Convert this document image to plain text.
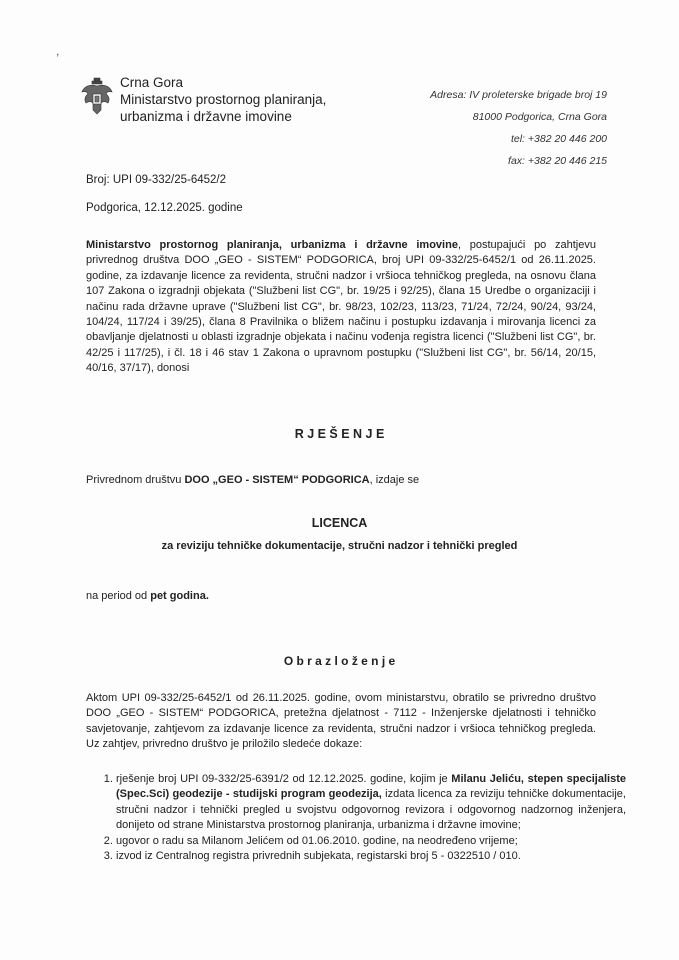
,
Crna Gora
Ministarstvo prostornog planiranja,
urbanizma i državne imovine
Adresa: IV proleterske brigade broj 19
81000 Podgorica, Crna Gora
tel: +382 20 446 200
fax: +382 20 446 215
Broj: UPI 09-332/25-6452/2
Podgorica, 12.12.2025. godine
Ministarstvo prostornog planiranja, urbanizma i državne imovine, postupajući po zahtjevu privrednog društva DOO „GEO - SISTEM“ PODGORICA, broj UPI 09-332/25-6452/1 od 26.11.2025. godine, za izdavanje licence za revidenta, stručni nadzor i vršioca tehničkog pregleda, na osnovu člana 107 Zakona o izgradnji objekata ("Službeni list CG", br. 19/25 i 92/25), člana 15 Uredbe o organizaciji i načinu rada državne uprave ("Službeni list CG", br. 98/23, 102/23, 113/23, 71/24, 72/24, 90/24, 93/24, 104/24, 117/24 i 39/25), člana 8 Pravilnika o bližem načinu i postupku izdavanja i mirovanja licenci za obavljanje djelatnosti u oblasti izgradnje objekata i načinu vođenja registra licenci ("Službeni list CG", br. 42/25 i 117/25), i čl. 18 i 46 stav 1 Zakona o upravnom postupku ("Službeni list CG", br. 56/14, 20/15, 40/16, 37/17), donosi
R J E Š E N J E
Privrednom društvu DOO „GEO - SISTEM“ PODGORICA, izdaje se
LICENCA
za reviziju tehničke dokumentacije, stručni nadzor i tehnički pregled
na period od pet godina.
O b r a z l o ž e n j e
Aktom UPI 09-332/25-6452/1 od 26.11.2025. godine, ovom ministarstvu, obratilo se privredno društvo DOO „GEO - SISTEM“ PODGORICA, pretežna djelatnost - 7112 - Inženjerske djelatnosti i tehničko savjetovanje, zahtjevom za izdavanje licence za revidenta, stručni nadzor i vršioca tehničkog pregleda. Uz zahtjev, privredno društvo je priložilo sledeće dokaze:
1. rješenje broj UPI 09-332/25-6391/2 od 12.12.2025. godine, kojim je Milanu Jeliću, stepen specijaliste (Spec.Sci) geodezije - studijski program geodezija, izdata licenca za reviziju tehničke dokumentacije, stručni nadzor i tehnički pregled u svojstvu odgovornog revizora i odgovornog nadzornog inženjera, donijeto od strane Ministarstva prostornog planiranja, urbanizma i državne imovine;
2. ugovor o radu sa Milanom Jelićem od 01.06.2010. godine, na neodređeno vrijeme;
3. izvod iz Centralnog registra privrednih subjekata, registarski broj 5 - 0322510 / 010.
